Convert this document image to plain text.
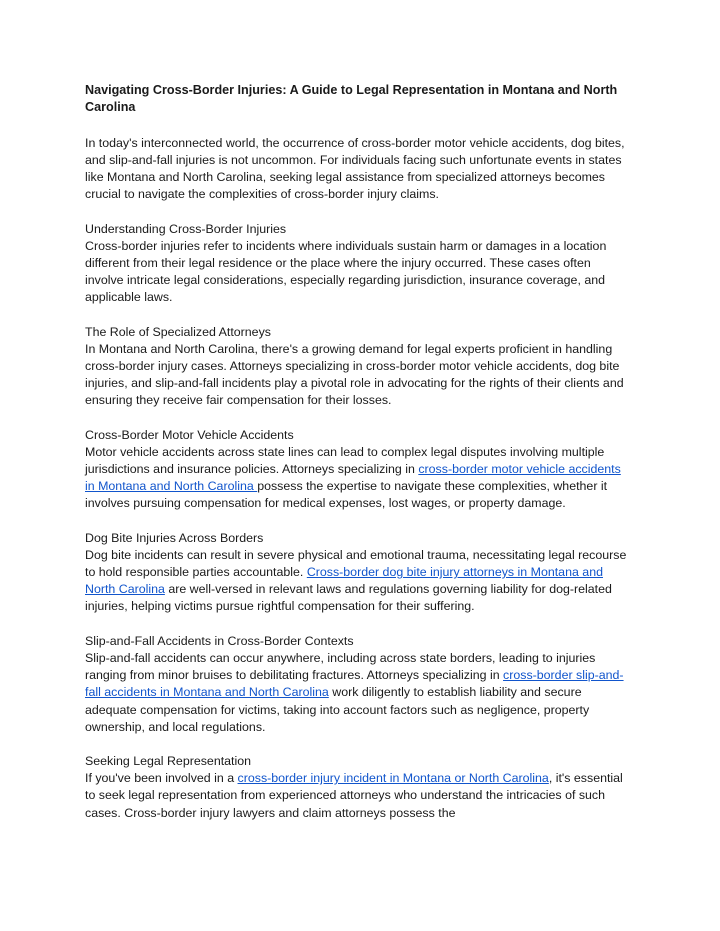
Navigating Cross-Border Injuries: A Guide to Legal Representation in Montana and North Carolina

In today's interconnected world, the occurrence of cross-border motor vehicle accidents, dog bites, and slip-and-fall injuries is not uncommon. For individuals facing such unfortunate events in states like Montana and North Carolina, seeking legal assistance from specialized attorneys becomes crucial to navigate the complexities of cross-border injury claims.

Understanding Cross-Border Injuries

Cross-border injuries refer to incidents where individuals sustain harm or damages in a location different from their legal residence or the place where the injury occurred. These cases often involve intricate legal considerations, especially regarding jurisdiction, insurance coverage, and applicable laws.

The Role of Specialized Attorneys

In Montana and North Carolina, there's a growing demand for legal experts proficient in handling cross-border injury cases. Attorneys specializing in cross-border motor vehicle accidents, dog bite injuries, and slip-and-fall incidents play a pivotal role in advocating for the rights of their clients and ensuring they receive fair compensation for their losses.

Cross-Border Motor Vehicle Accidents

Motor vehicle accidents across state lines can lead to complex legal disputes involving multiple jurisdictions and insurance policies. Attorneys specializing in cross-border motor vehicle accidents in Montana and North Carolina possess the expertise to navigate these complexities, whether it involves pursuing compensation for medical expenses, lost wages, or property damage.

Dog Bite Injuries Across Borders

Dog bite incidents can result in severe physical and emotional trauma, necessitating legal recourse to hold responsible parties accountable. Cross-border dog bite injury attorneys in Montana and North Carolina are well-versed in relevant laws and regulations governing liability for dog-related injuries, helping victims pursue rightful compensation for their suffering.

Slip-and-Fall Accidents in Cross-Border Contexts

Slip-and-fall accidents can occur anywhere, including across state borders, leading to injuries ranging from minor bruises to debilitating fractures. Attorneys specializing in cross-border slip-and-fall accidents in Montana and North Carolina work diligently to establish liability and secure adequate compensation for victims, taking into account factors such as negligence, property ownership, and local regulations.

Seeking Legal Representation

If you've been involved in a cross-border injury incident in Montana or North Carolina, it's essential to seek legal representation from experienced attorneys who understand the intricacies of such cases. Cross-border injury lawyers and claim attorneys possess the
